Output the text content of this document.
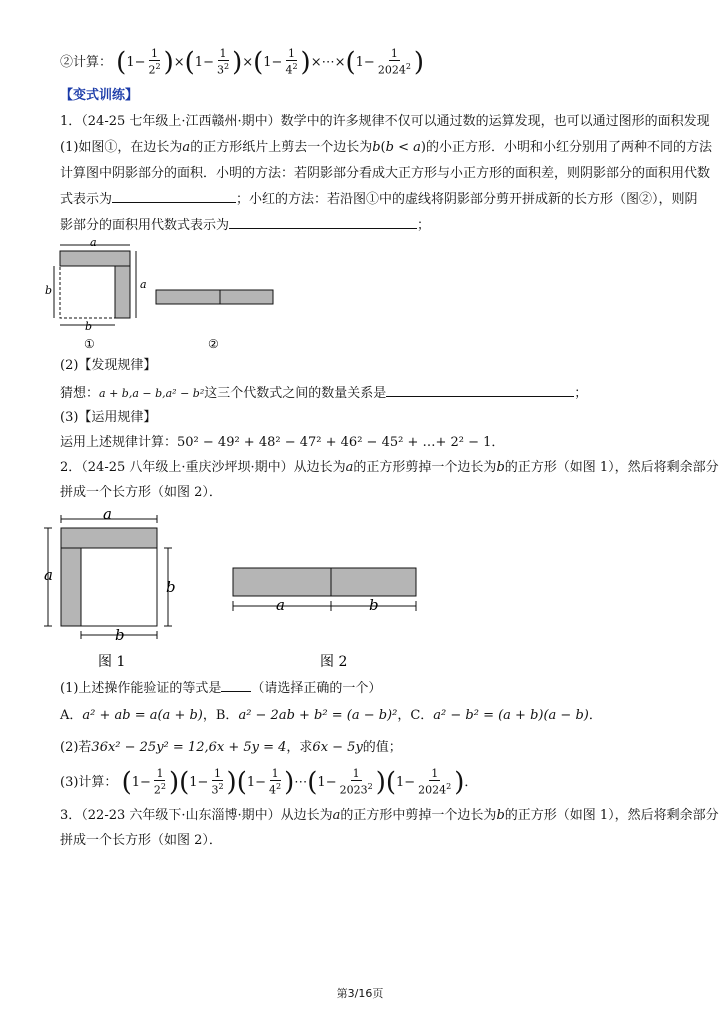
②计算： $(1- \frac{1}{2^2} )\times(1- \frac{1}{3^2} )\times(1- \frac{1}{4^2}$ )×⋯×(1− $\frac{1}{2024^2}$ )
【变式训练】
1．（24-25 七年级上·江西赣州·期中）数学中的许多规律不仅可以通过数的运算发现，也可以通过图形的面积发现
(1)如图①，在边长为a的正方形纸片上剪去一个边长为b(b < a)的小正方形．小明和小红分别用了两种不同的方法
计算图中阴影部分的面积．小明的方法：若阴影部分看成大正方形与小正方形的面积差，则阴影部分的面积用代数
式表示为	；小红的方法：若沿图①中的虚线将阴影部分剪开拼成新的长方形（图②），则阴
影部分的面积用代数式表示为	；
a
a
b
b
①	②
(2)【发现规律】
猜想：a + b,a − b,a² − b²这三个代数式之间的数量关系是	；
(3)【运用规律】
运用上述规律计算：50² − 49² + 48² − 47² + 46² − 45² + …+ 2² − 1．
2．（24-25 八年级上·重庆沙坪坝·期中）从边长为a的正方形剪掉一个边长为b的正方形（如图 1），然后将剩余部分
拼成一个长方形（如图 2）．
a
a
b
b
图 1
a	b
图 2
(1)上述操作能验证的等式是 （请选择正确的一个）
A．a² + ab = a(a + b)，B．a² − 2ab + b² = (a − b)²，C．a² − b² = (a + b)(a − b)．
(2)若36x² − 25y² = 12,6x + 5y = 4，求6x − 5y的值；
(3)计算： $(1- \frac{1}{2^2} )(1- \frac{1}{3^2} )(1- \frac{1}{4^2}$ )⋯(1− $\frac{1}{2023^2} )(1- \frac{1}{2024^2}$ )．
3．（22-23 六年级下·山东淄博·期中）从边长为a的正方形中剪掉一个边长为b的正方形（如图 1），然后将剩余部分
拼成一个长方形（如图 2）．
第3/16页
